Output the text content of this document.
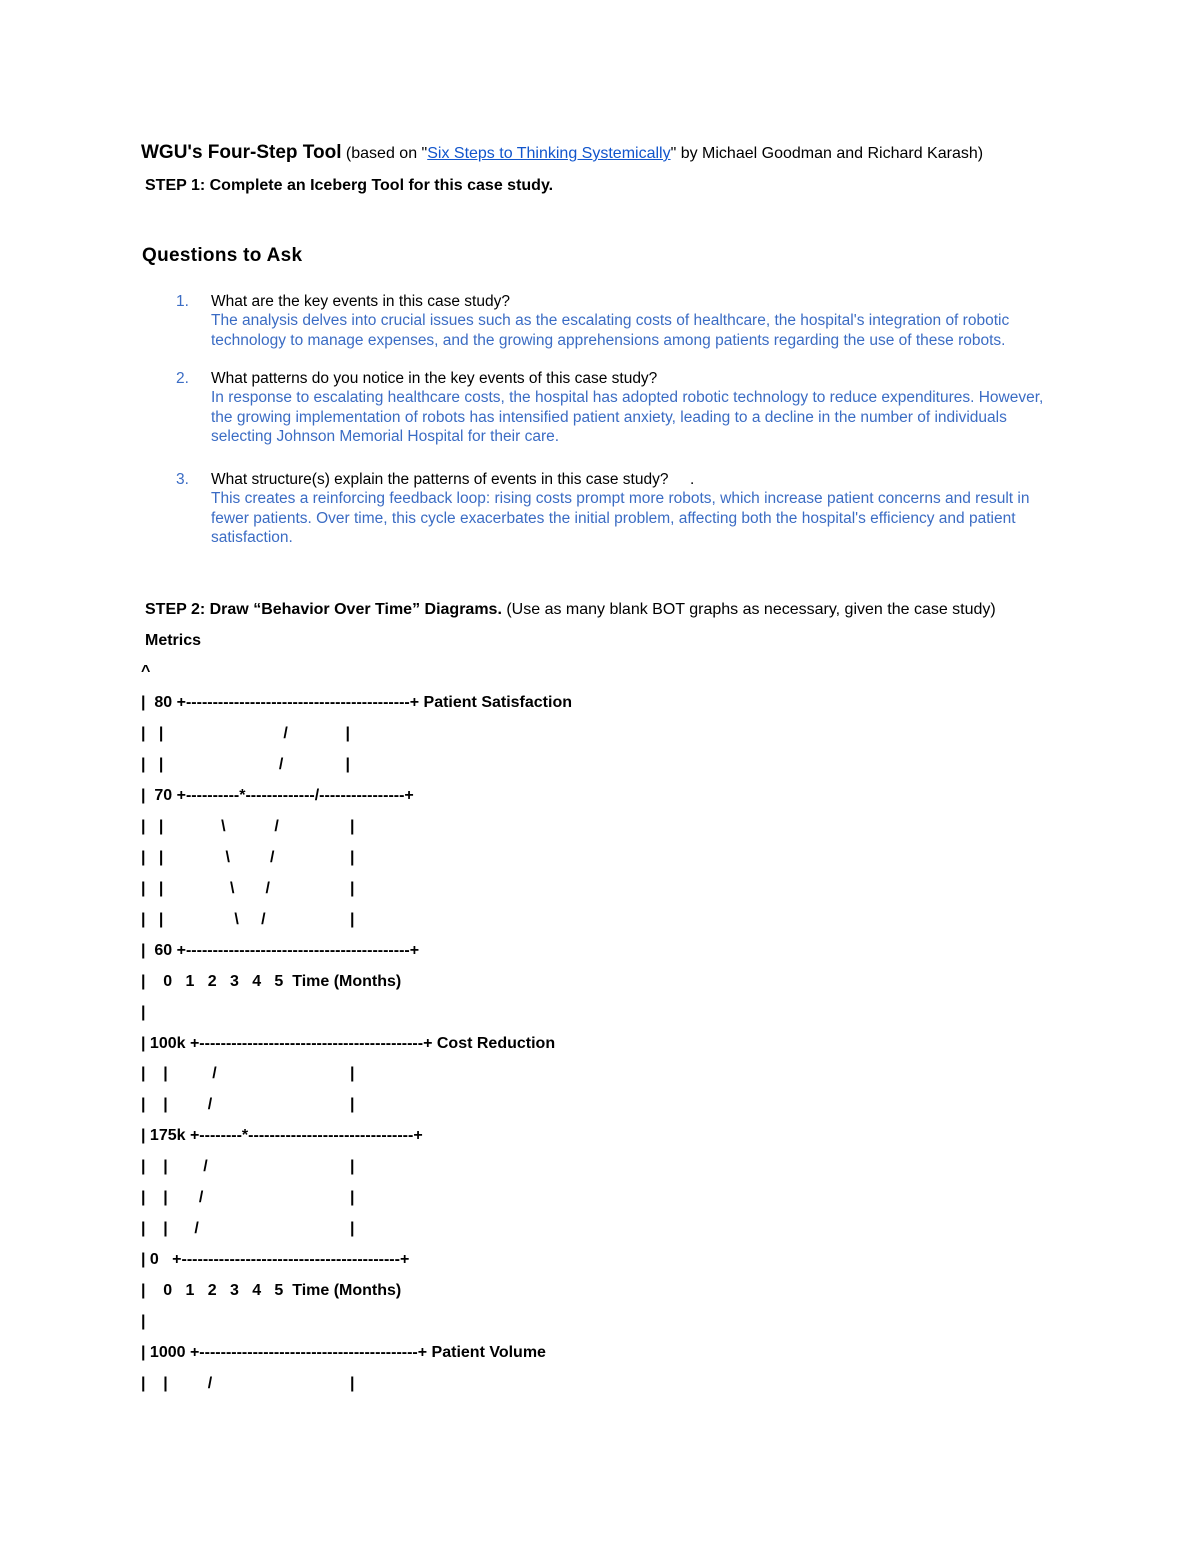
WGU's Four-Step Tool (based on "Six Steps to Thinking Systemically" by Michael Goodman and Richard Karash)
STEP 1: Complete an Iceberg Tool for this case study.
Questions to Ask
1. What are the key events in this case study?
The analysis delves into crucial issues such as the escalating costs of healthcare, the hospital's integration of robotic technology to manage expenses, and the growing apprehensions among patients regarding the use of these robots.
2. What patterns do you notice in the key events of this case study?
In response to escalating healthcare costs, the hospital has adopted robotic technology to reduce expenditures. However, the growing implementation of robots has intensified patient anxiety, leading to a decline in the number of individuals selecting Johnson Memorial Hospital for their care.
3. What structure(s) explain the patterns of events in this case study?     .
This creates a reinforcing feedback loop: rising costs prompt more robots, which increase patient concerns and result in fewer patients. Over time, this cycle exacerbates the initial problem, affecting both the hospital's efficiency and patient satisfaction.
STEP 2: Draw “Behavior Over Time” Diagrams. (Use as many blank BOT graphs as necessary, given the case study)
Metrics
^
|  80 +------------------------------------------+ Patient Satisfaction
|   |                           /             |
|   |                          /              |
|  70 +----------*-------------/----------------+
|   |             \           /                |
|   |              \         /                 |
|   |               \       /                  |
|   |                \     /                   |
|  60 +------------------------------------------+
|    0   1   2   3   4   5  Time (Months)
|
| 100k +------------------------------------------+ Cost Reduction
|    |          /                              |
|    |         /                               |
| 175k +--------*-------------------------------+
|    |        /                                |
|    |       /                                 |
|    |      /                                  |
| 0   +-----------------------------------------+
|    0   1   2   3   4   5  Time (Months)
|
| 1000 +-----------------------------------------+ Patient Volume
|    |         /                               |
